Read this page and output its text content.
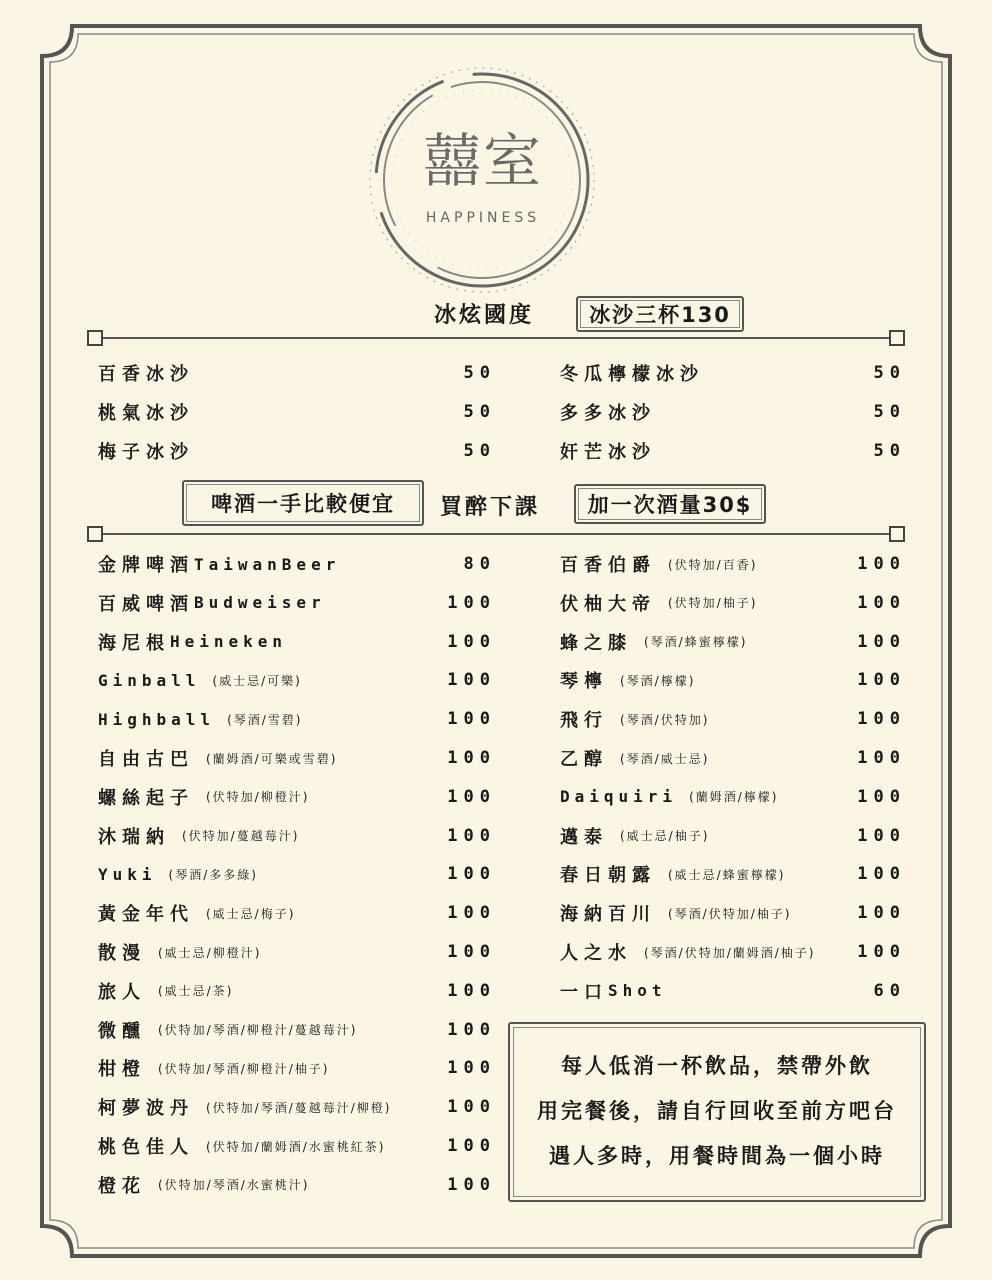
囍室
HAPPINESS
冰炫國度	冰沙三杯130
百香冰沙	50
桃氣冰沙	50
梅子冰沙	50
冬瓜檸檬冰沙	50
多多冰沙	50
奸芒冰沙	50
啤酒一手比較便宜	買醉下課	加一次酒量30$
金牌啤酒 TaiwanBeer	80
百威啤酒 Budweiser	100
海尼根 Heineken	100
Ginball (威士忌/可樂)	100
Highball (琴酒/雪碧)	100
自由古巴 (蘭姆酒/可樂或雪碧)	100
螺絲起子 (伏特加/柳橙汁)	100
沐瑞納 (伏特加/蔓越莓汁)	100
Yuki (琴酒/多多綠)	100
黃金年代 (威士忌/梅子)	100
散漫 (威士忌/柳橙汁)	100
旅人 (威士忌/茶)	100
微醺 (伏特加/琴酒/柳橙汁/蔓越莓汁)	100
柑橙 (伏特加/琴酒/柳橙汁/柚子)	100
柯夢波丹 (伏特加/琴酒/蔓越莓汁/柳橙)	100
桃色佳人 (伏特加/蘭姆酒/水蜜桃紅茶)	100
橙花 (伏特加/琴酒/水蜜桃汁)	100
百香伯爵 (伏特加/百香)	100
伏柚大帝 (伏特加/柚子)	100
蜂之膝 (琴酒/蜂蜜檸檬)	100
琴檸 (琴酒/檸檬)	100
飛行 (琴酒/伏特加)	100
乙醇 (琴酒/威士忌)	100
Daiquiri (蘭姆酒/檸檬)	100
邁泰 (威士忌/柚子)	100
春日朝露 (威士忌/蜂蜜檸檬)	100
海納百川 (琴酒/伏特加/柚子)	100
人之水 (琴酒/伏特加/蘭姆酒/柚子) 100
一口 Shot	60
每人低消一杯飲品，禁帶外飲
用完餐後，請自行回收至前方吧台
遇人多時，用餐時間為一個小時
